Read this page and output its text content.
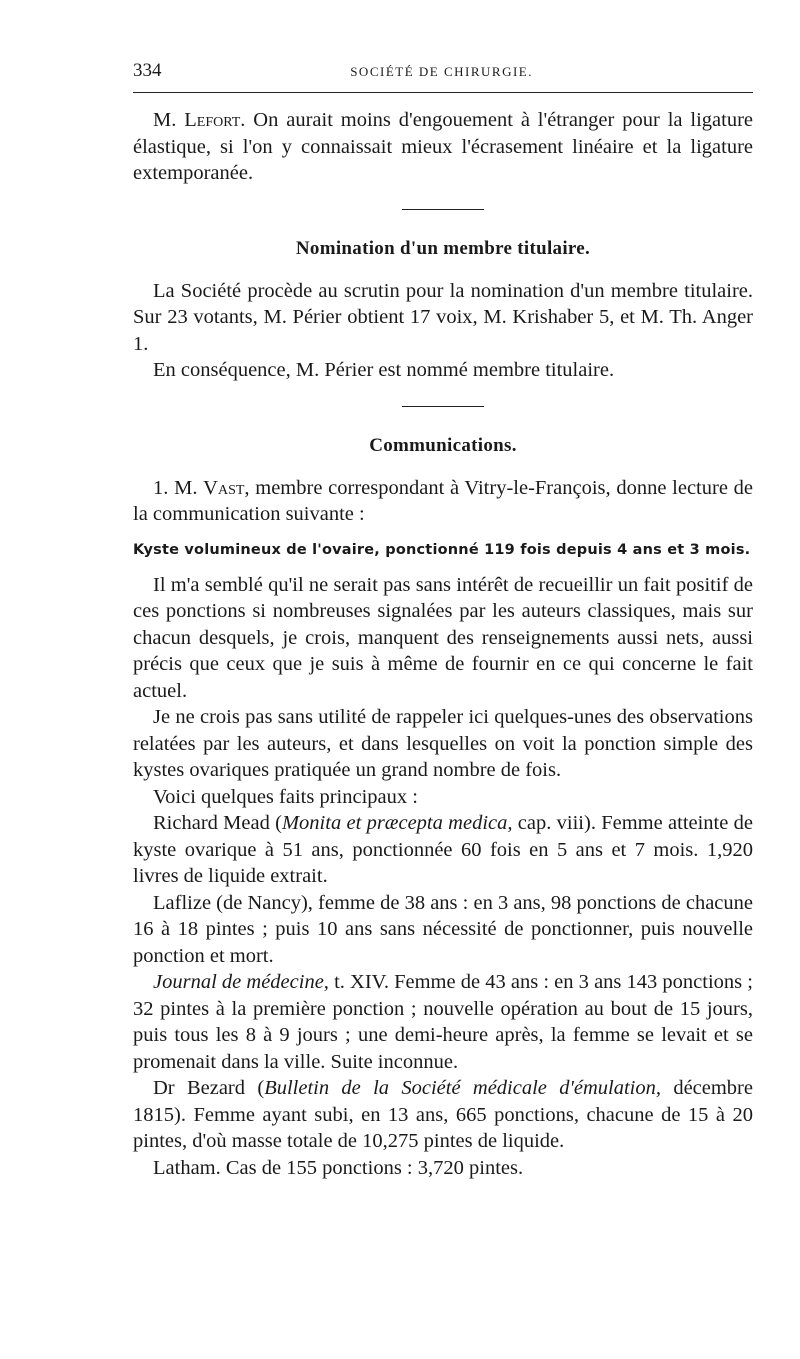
334	SOCIÉTÉ DE CHIRURGIE.

M. Lefort. On aurait moins d'engouement à l'étranger pour la ligature élastique, si l'on y connaissait mieux l'écrasement linéaire et la ligature extemporanée.

Nomination d'un membre titulaire.

La Société procède au scrutin pour la nomination d'un membre titulaire. Sur 23 votants, M. Périer obtient 17 voix, M. Krishaber 5, et M. Th. Anger 1.

En conséquence, M. Périer est nommé membre titulaire.

Communications.

1. M. Vast, membre correspondant à Vitry-le-François, donne lecture de la communication suivante :

Kyste volumineux de l'ovaire, ponctionné 119 fois depuis 4 ans et 3 mois.

Il m'a semblé qu'il ne serait pas sans intérêt de recueillir un fait positif de ces ponctions si nombreuses signalées par les auteurs classiques, mais sur chacun desquels, je crois, manquent des renseignements aussi nets, aussi précis que ceux que je suis à même de fournir en ce qui concerne le fait actuel.

Je ne crois pas sans utilité de rappeler ici quelques-unes des observations relatées par les auteurs, et dans lesquelles on voit la ponction simple des kystes ovariques pratiquée un grand nombre de fois.

Voici quelques faits principaux :

Richard Mead (Monita et præcepta medica, cap. viii). Femme atteinte de kyste ovarique à 51 ans, ponctionnée 60 fois en 5 ans et 7 mois. 1,920 livres de liquide extrait.

Laflize (de Nancy), femme de 38 ans : en 3 ans, 98 ponctions de chacune 16 à 18 pintes ; puis 10 ans sans nécessité de ponctionner, puis nouvelle ponction et mort.

Journal de médecine, t. XIV. Femme de 43 ans : en 3 ans 143 ponctions ; 32 pintes à la première ponction ; nouvelle opération au bout de 15 jours, puis tous les 8 à 9 jours ; une demi-heure après, la femme se levait et se promenait dans la ville. Suite inconnue.

Dr Bezard (Bulletin de la Société médicale d'émulation, décembre 1815). Femme ayant subi, en 13 ans, 665 ponctions, chacune de 15 à 20 pintes, d'où masse totale de 10,275 pintes de liquide.

Latham. Cas de 155 ponctions : 3,720 pintes.
